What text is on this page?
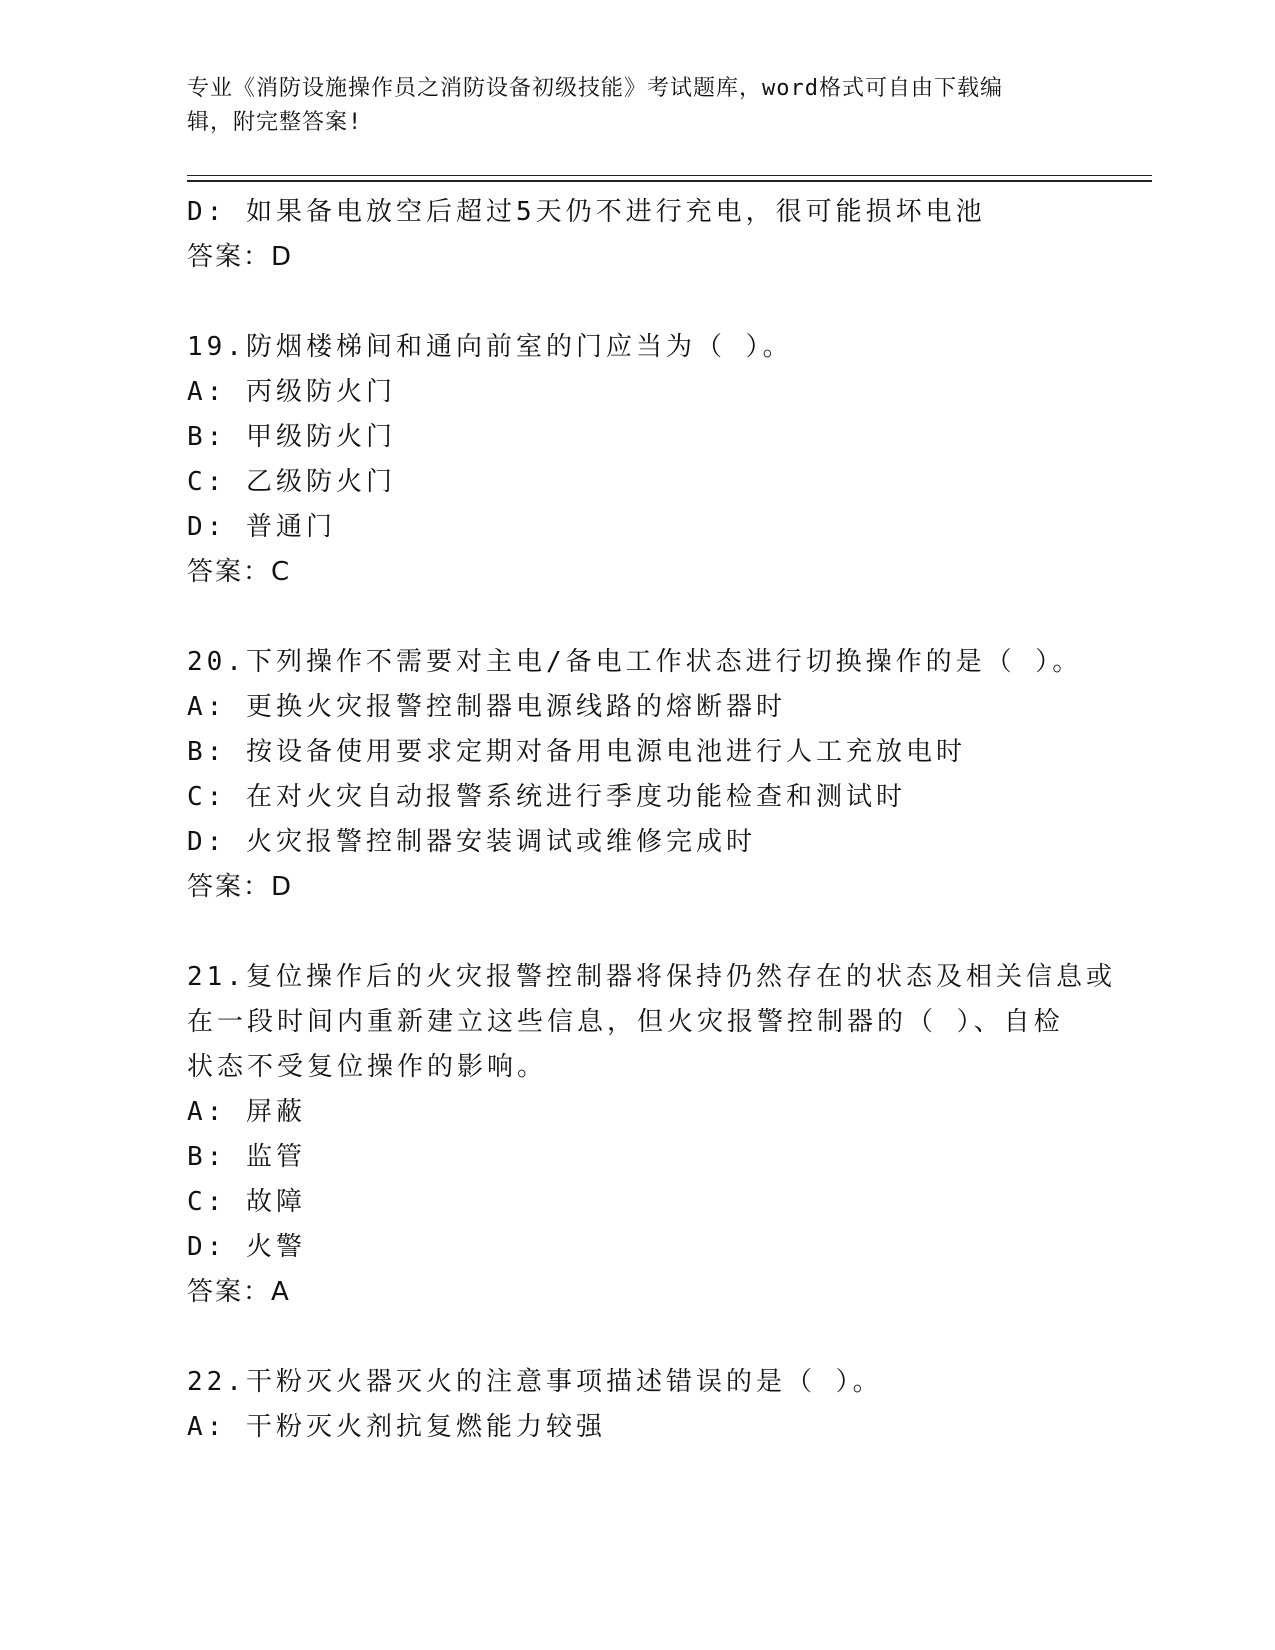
专业《消防设施操作员之消防设备初级技能》考试题库，word格式可自由下载编
辑，附完整答案!
D: 如果备电放空后超过5天仍不进行充电，很可能损坏电池
答案：D
19.防烟楼梯间和通向前室的门应当为（ ）。
A: 丙级防火门
B: 甲级防火门
C: 乙级防火门
D: 普通门
答案：C
20.下列操作不需要对主电/备电工作状态进行切换操作的是（ ）。
A: 更换火灾报警控制器电源线路的熔断器时
B: 按设备使用要求定期对备用电源电池进行人工充放电时
C: 在对火灾自动报警系统进行季度功能检查和测试时
D: 火灾报警控制器安装调试或维修完成时
答案：D
21.复位操作后的火灾报警控制器将保持仍然存在的状态及相关信息或
在一段时间内重新建立这些信息，但火灾报警控制器的（ ）、自检
状态不受复位操作的影响。
A: 屏蔽
B: 监管
C: 故障
D: 火警
答案：A
22.干粉灭火器灭火的注意事项描述错误的是（ ）。
A: 干粉灭火剂抗复燃能力较强
